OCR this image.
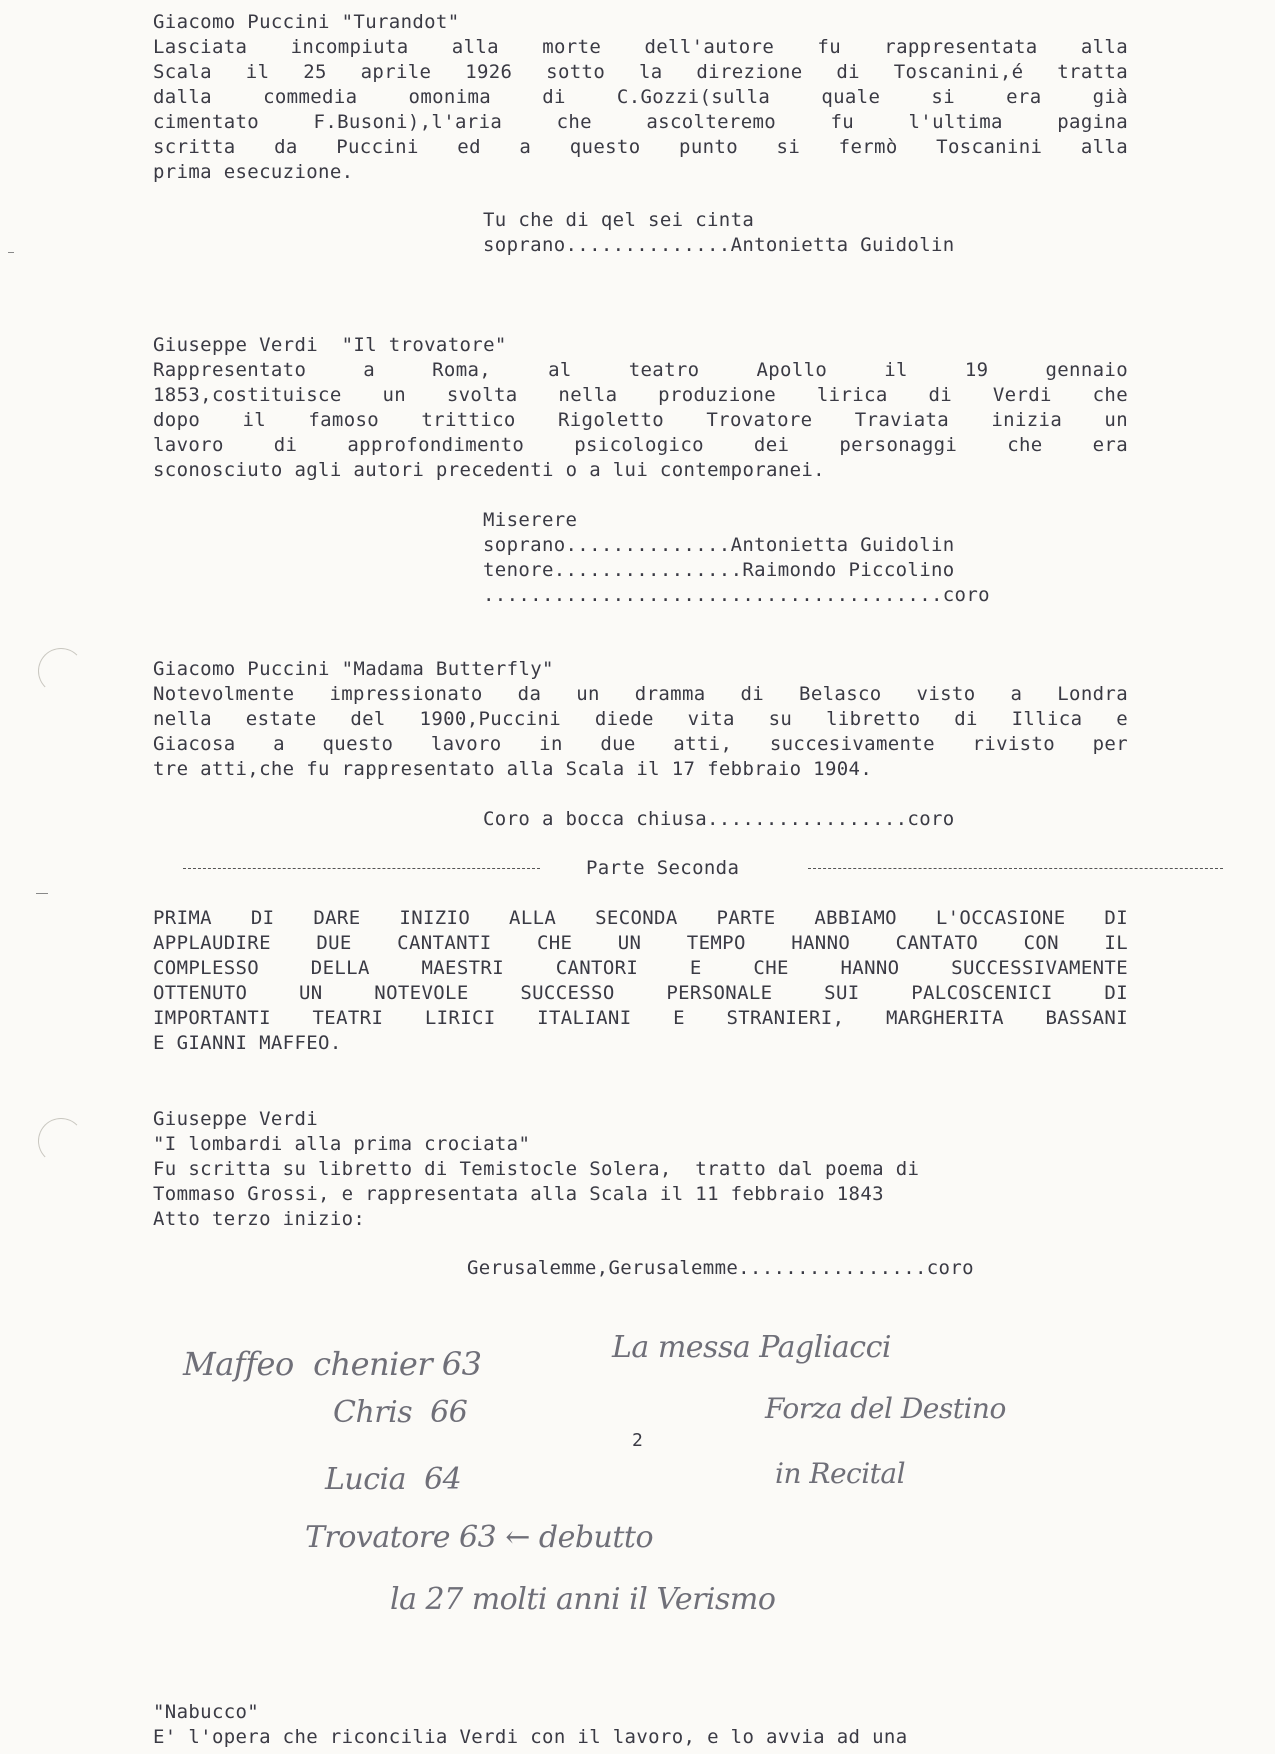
Giacomo Puccini "Turandot"
Lasciata incompiuta alla morte dell'autore fu rappresentata alla
Scala il 25 aprile 1926 sotto la direzione di Toscanini,é tratta
dalla commedia omonima di C.Gozzi(sulla quale si era già
cimentato F.Busoni),l'aria che ascolteremo fu l'ultima pagina
scritta da Puccini ed a questo punto si fermò Toscanini alla
prima esecuzione.
Tu che di qel sei cinta
soprano..............Antonietta Guidolin
Giuseppe Verdi  "Il trovatore"
Rappresentato a Roma, al teatro Apollo il 19 gennaio
1853,costituisce un svolta nella produzione lirica di Verdi che
dopo il famoso trittico Rigoletto Trovatore Traviata inizia un
lavoro di approfondimento psicologico dei personaggi che era
sconosciuto agli autori precedenti o a lui contemporanei.
Miserere
soprano..............Antonietta Guidolin
tenore................Raimondo Piccolino
.......................................coro
Giacomo Puccini "Madama Butterfly"
Notevolmente impressionato da un dramma di Belasco visto a Londra
nella estate del 1900,Puccini diede vita su libretto di Illica e
Giacosa a questo lavoro in due atti, succesivamente rivisto per
tre atti,che fu rappresentato alla Scala il 17 febbraio 1904.
Coro a bocca chiusa.................coro
Parte Seconda
PRIMA DI DARE INIZIO ALLA SECONDA PARTE ABBIAMO L'OCCASIONE DI
APPLAUDIRE DUE CANTANTI CHE UN TEMPO HANNO CANTATO CON IL
COMPLESSO DELLA MAESTRI CANTORI E CHE HANNO SUCCESSIVAMENTE
OTTENUTO UN NOTEVOLE SUCCESSO PERSONALE SUI PALCOSCENICI DI
IMPORTANTI TEATRI LIRICI ITALIANI E STRANIERI, MARGHERITA BASSANI
E GIANNI MAFFEO.
Giuseppe Verdi
"I lombardi alla prima crociata"
Fu scritta su libretto di Temistocle Solera,  tratto dal poema di
Tommaso Grossi, e rappresentata alla Scala il 11 febbraio 1843
Atto terzo inizio:
Gerusalemme,Gerusalemme................coro
Maffeo  chenier 63
Chris  66
Lucia  64
Trovatore 63 ← debutto
la 27 molti anni il Verismo
La messa Pagliacci
Forza del Destino
in Recital
2
"Nabucco"
E' l'opera che riconcilia Verdi con il lavoro, e lo avvia ad una
